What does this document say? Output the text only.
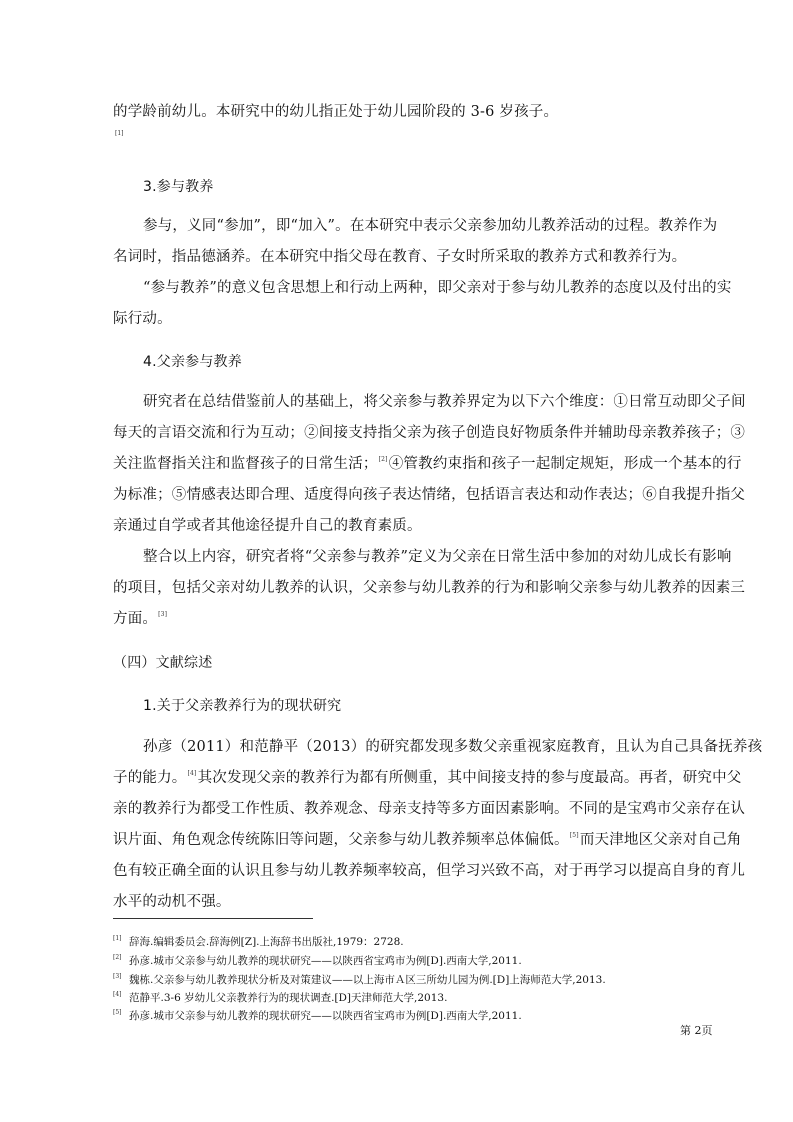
的学龄前幼儿。本研究中的幼儿指正处于幼儿园阶段的 3-6 岁孩子。
[1]
3.参与教养
参与，义同“参加”，即“加入”。在本研究中表示父亲参加幼儿教养活动的过程。教养作为
名词时，指品德涵养。在本研究中指父母在教育、子女时所采取的教养方式和教养行为。
“参与教养”的意义包含思想上和行动上两种，即父亲对于参与幼儿教养的态度以及付出的实
际行动。
4.父亲参与教养
研究者在总结借鉴前人的基础上，将父亲参与教养界定为以下六个维度：①日常互动即父子间
每天的言语交流和行为互动；②间接支持指父亲为孩子创造良好物质条件并辅助母亲教养孩子；③
关注监督指关注和监督孩子的日常生活；[2]④管教约束指和孩子一起制定规矩，形成一个基本的行
为标准；⑤情感表达即合理、适度得向孩子表达情绪，包括语言表达和动作表达；⑥自我提升指父
亲通过自学或者其他途径提升自己的教育素质。
整合以上内容，研究者将“父亲参与教养”定义为父亲在日常生活中参加的对幼儿成长有影响
的项目，包括父亲对幼儿教养的认识，父亲参与幼儿教养的行为和影响父亲参与幼儿教养的因素三
方面。[3]
（四）文献综述
1.关于父亲教养行为的现状研究
孙彦（2011）和范静平（2013）的研究都发现多数父亲重视家庭教育，且认为自己具备抚养孩
子的能力。[4]其次发现父亲的教养行为都有所侧重，其中间接支持的参与度最高。再者，研究中父
亲的教养行为都受工作性质、教养观念、母亲支持等多方面因素影响。不同的是宝鸡市父亲存在认
识片面、角色观念传统陈旧等问题，父亲参与幼儿教养频率总体偏低。[5]而天津地区父亲对自己角
色有较正确全面的认识且参与幼儿教养频率较高，但学习兴致不高，对于再学习以提高自身的育儿
水平的动机不强。
[1] 辞海.编辑委员会.辞海例[Z].上海辞书出版社,1979：2728.
[2] 孙彦.城市父亲参与幼儿教养的现状研究——以陕西省宝鸡市为例[D].西南大学,2011.
[3] 魏栋.父亲参与幼儿教养现状分析及对策建议——以上海市Ａ区三所幼儿园为例.[D]上海师范大学,2013.
[4] 范静平.3-6 岁幼儿父亲教养行为的现状调查.[D]天津师范大学,2013.
[5] 孙彦.城市父亲参与幼儿教养的现状研究——以陕西省宝鸡市为例[D].西南大学,2011.
第 2页
